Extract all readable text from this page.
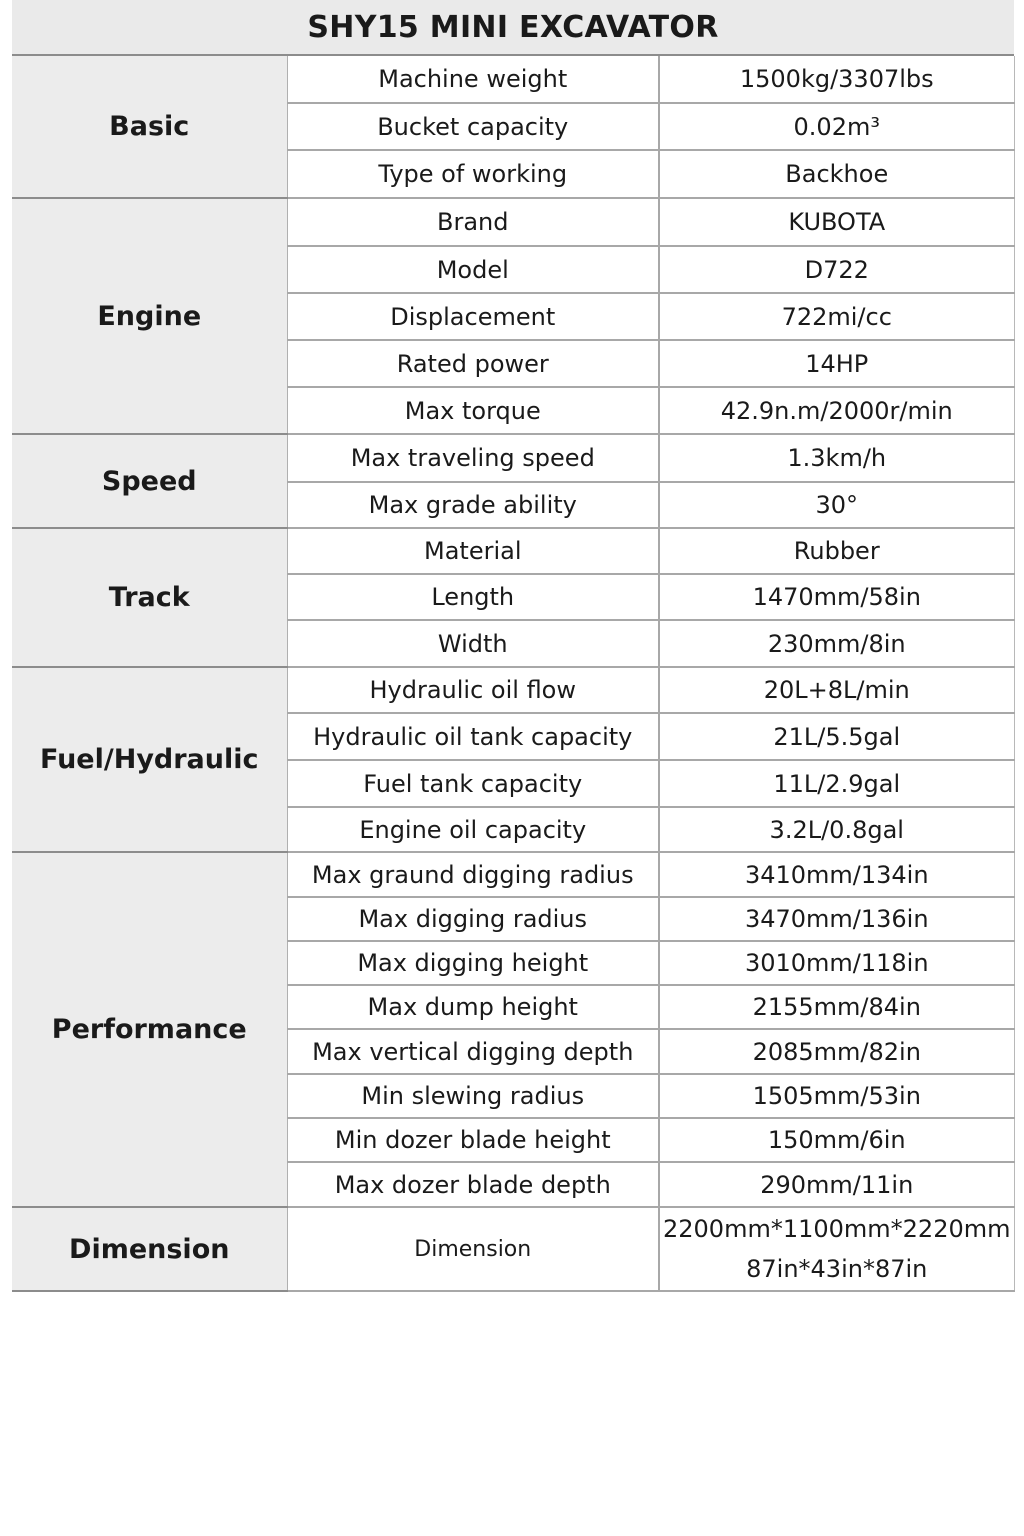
SHY15 MINI EXCAVATOR
Basic	Machine weight	1500kg/3307lbs
	Bucket capacity	0.02m³
	Type of working	Backhoe
Engine	Brand	KUBOTA
	Model	D722
	Displacement	722mi/cc
	Rated power	14HP
	Max torque	42.9n.m/2000r/min
Speed	Max traveling speed	1.3km/h
	Max grade ability	30°
Track	Material	Rubber
	Length	1470mm/58in
	Width	230mm/8in
Fuel/Hydraulic	Hydraulic oil flow	20L+8L/min
	Hydraulic oil tank capacity	21L/5.5gal
	Fuel tank capacity	11L/2.9gal
	Engine oil capacity	3.2L/0.8gal
Performance	Max graund digging radius	3410mm/134in
	Max digging radius	3470mm/136in
	Max digging height	3010mm/118in
	Max dump height	2155mm/84in
	Max vertical digging depth	2085mm/82in
	Min slewing radius	1505mm/53in
	Min dozer blade height	150mm/6in
	Max dozer blade depth	290mm/11in
Dimension	Dimension	2200mm*1100mm*2220mm
87in*43in*87in
